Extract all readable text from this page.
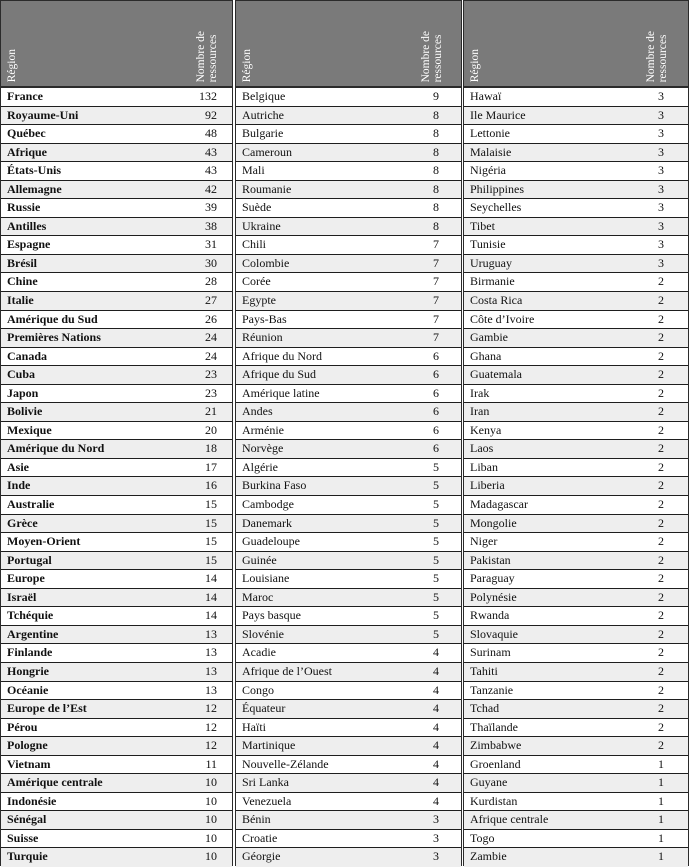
Région	Nombre de
ressources
France	132
Royaume-Uni	92
Québec	48
Afrique	43
États-Unis	43
Allemagne	42
Russie	39
Antilles	38
Espagne	31
Brésil	30
Chine	28
Italie	27
Amérique du Sud	26
Premières Nations	24
Canada	24
Cuba	23
Japon	23
Bolivie	21
Mexique	20
Amérique du Nord	18
Asie	17
Inde	16
Australie	15
Grèce	15
Moyen-Orient	15
Portugal	15
Europe	14
Israël	14
Tchéquie	14
Argentine	13
Finlande	13
Hongrie	13
Océanie	13
Europe de l’Est	12
Pérou	12
Pologne	12
Vietnam	11
Amérique centrale	10
Indonésie	10
Sénégal	10
Suisse	10
Turquie	10
Région	Nombre de
ressources
Belgique	9
Autriche	8
Bulgarie	8
Cameroun	8
Mali	8
Roumanie	8
Suède	8
Ukraine	8
Chili	7
Colombie	7
Corée	7
Egypte	7
Pays-Bas	7
Réunion	7
Afrique du Nord	6
Afrique du Sud	6
Amérique latine	6
Andes	6
Arménie	6
Norvège	6
Algérie	5
Burkina Faso	5
Cambodge	5
Danemark	5
Guadeloupe	5
Guinée	5
Louisiane	5
Maroc	5
Pays basque	5
Slovénie	5
Acadie	4
Afrique de l’Ouest	4
Congo	4
Équateur	4
Haïti	4
Martinique	4
Nouvelle-Zélande	4
Sri Lanka	4
Venezuela	4
Bénin	3
Croatie	3
Géorgie	3
Région	Nombre de
ressources
Hawaï	3
Ile Maurice	3
Lettonie	3
Malaisie	3
Nigéria	3
Philippines	3
Seychelles	3
Tibet	3
Tunisie	3
Uruguay	3
Birmanie	2
Costa Rica	2
Côte d’Ivoire	2
Gambie	2
Ghana	2
Guatemala	2
Irak	2
Iran	2
Kenya	2
Laos	2
Liban	2
Liberia	2
Madagascar	2
Mongolie	2
Niger	2
Pakistan	2
Paraguay	2
Polynésie	2
Rwanda	2
Slovaquie	2
Surinam	2
Tahiti	2
Tanzanie	2
Tchad	2
Thaïlande	2
Zimbabwe	2
Groenland	1
Guyane	1
Kurdistan	1
Afrique centrale	1
Togo	1
Zambie	1
